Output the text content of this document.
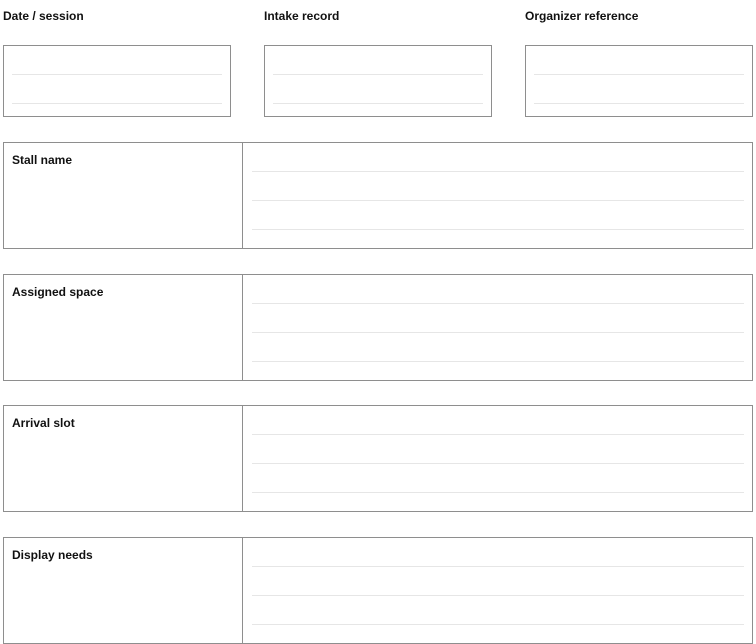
Date / session	Intake record	Organizer reference
Stall name
Assigned space
Arrival slot
Display needs
